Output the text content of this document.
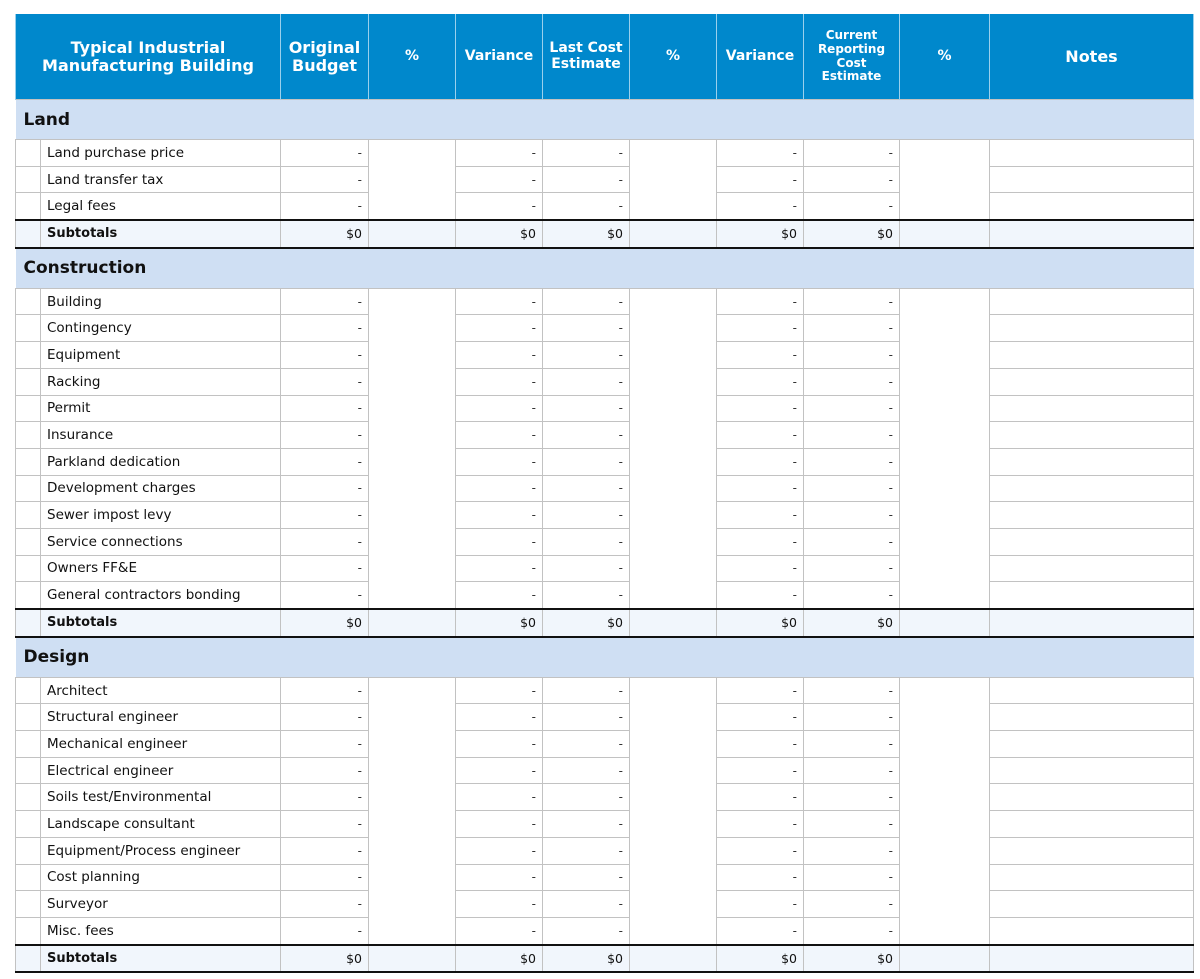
Typical Industrial Manufacturing Building		Original Budget	%	Variance	Last Cost Estimate	%	Variance	Current Reporting Cost Estimate	%	Notes
Land										
	Land purchase price	-		-	-		-	-		
	Land transfer tax	-		-	-		-	-		
	Legal fees	-		-	-		-	-		
	Subtotals	$0		$0	$0		$0	$0		
Construction										
	Building	-		-	-		-	-		
	Contingency	-		-	-		-	-		
	Equipment	-		-	-		-	-		
	Racking	-		-	-		-	-		
	Permit	-		-	-		-	-		
	Insurance	-		-	-		-	-		
	Parkland dedication	-		-	-		-	-		
	Development charges	-		-	-		-	-		
	Sewer impost levy	-		-	-		-	-		
	Service connections	-		-	-		-	-		
	Owners FF&E	-		-	-		-	-		
	General contractors bonding	-		-	-		-	-		
	Subtotals	$0		$0	$0		$0	$0		
Design										
	Architect	-		-	-		-	-		
	Structural engineer	-		-	-		-	-		
	Mechanical engineer	-		-	-		-	-		
	Electrical engineer	-		-	-		-	-		
	Soils test/Environmental	-		-	-		-	-		
	Landscape consultant	-		-	-		-	-		
	Equipment/Process engineer	-		-	-		-	-		
	Cost planning	-		-	-		-	-		
	Surveyor	-		-	-		-	-		
	Misc. fees	-		-	-		-	-		
	Subtotals	$0		$0	$0		$0	$0		
